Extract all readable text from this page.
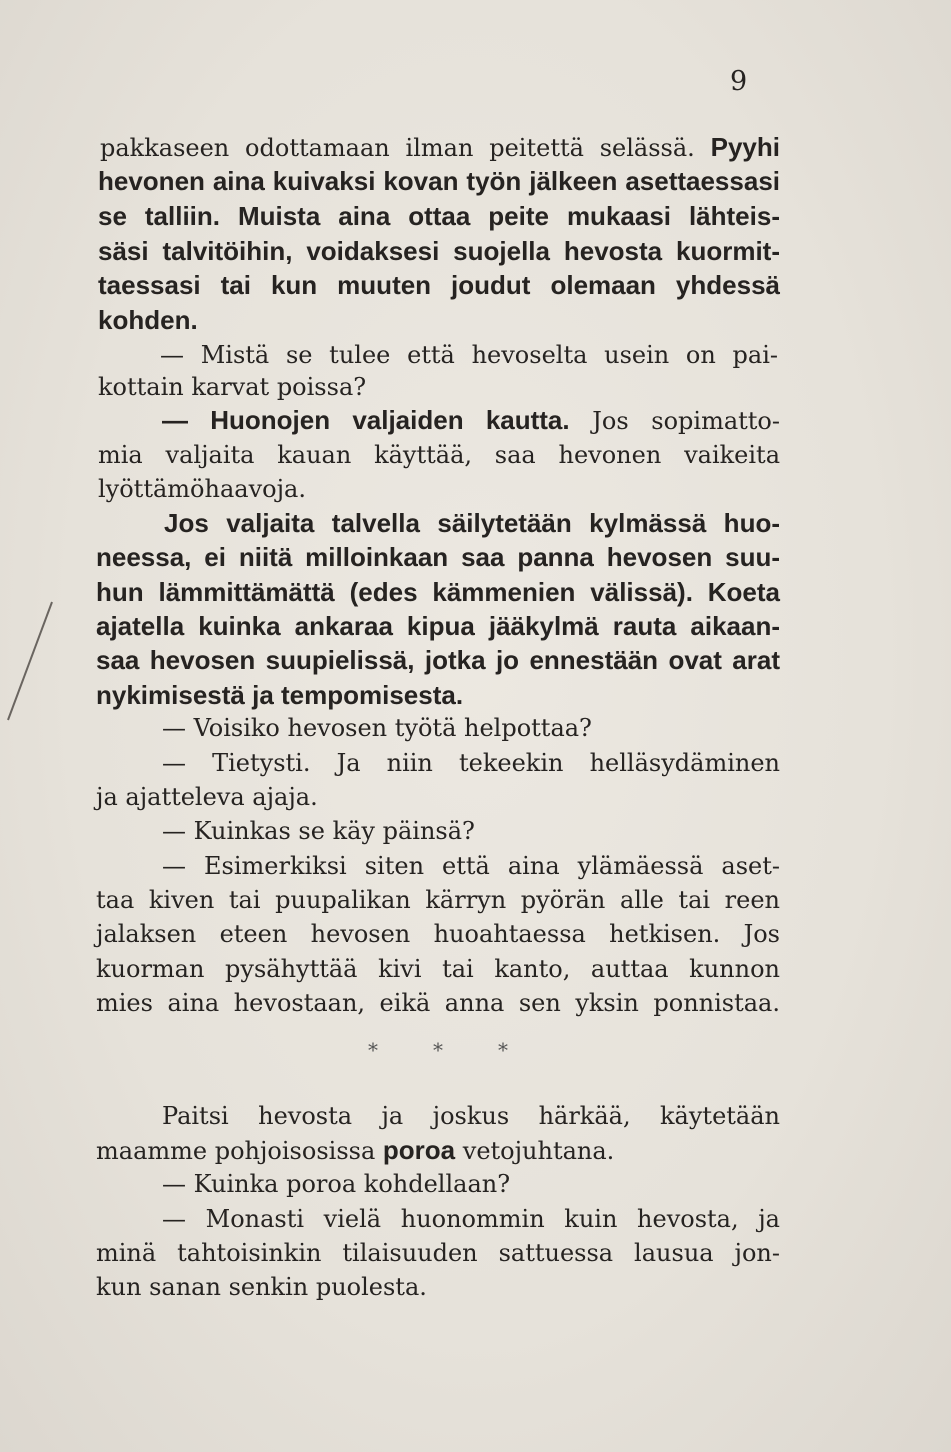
9
pakkaseen odottamaan ilman peitettä selässä. Pyyhi
hevonen aina kuivaksi kovan työn jälkeen asettaessasi
se talliin. Muista aina ottaa peite mukaasi lähteis-
säsi talvitöihin, voidaksesi suojella hevosta kuormit-
taessasi tai kun muuten joudut olemaan yhdessä
kohden.
— Mistä se tulee että hevoselta usein on pai-
kottain karvat poissa?
— Huonojen valjaiden kautta. Jos sopimatto-
mia valjaita kauan käyttää, saa hevonen vaikeita
lyöttämöhaavoja.
Jos valjaita talvella säilytetään kylmässä huo-
neessa, ei niitä milloinkaan saa panna hevosen suu-
hun lämmittämättä (edes kämmenien välissä). Koeta
ajatella kuinka ankaraa kipua jääkylmä rauta aikaan-
saa hevosen suupielissä, jotka jo ennestään ovat arat
nykimisestä ja tempomisesta.
— Voisiko hevosen työtä helpottaa?
— Tietysti. Ja niin tekeekin helläsydäminen
ja ajatteleva ajaja.
— Kuinkas se käy päinsä?
— Esimerkiksi siten että aina ylämäessä aset-
taa kiven tai puupalikan kärryn pyörän alle tai reen
jalaksen eteen hevosen huoahtaessa hetkisen. Jos
kuorman pysähyttää kivi tai kanto, auttaa kunnon
mies aina hevostaan, eikä anna sen yksin ponnistaa.
*	*	*
Paitsi hevosta ja joskus härkää, käytetään
maamme pohjoisosissa poroa vetojuhtana.
— Kuinka poroa kohdellaan?
— Monasti vielä huonommin kuin hevosta, ja
minä tahtoisinkin tilaisuuden sattuessa lausua jon-
kun sanan senkin puolesta.
